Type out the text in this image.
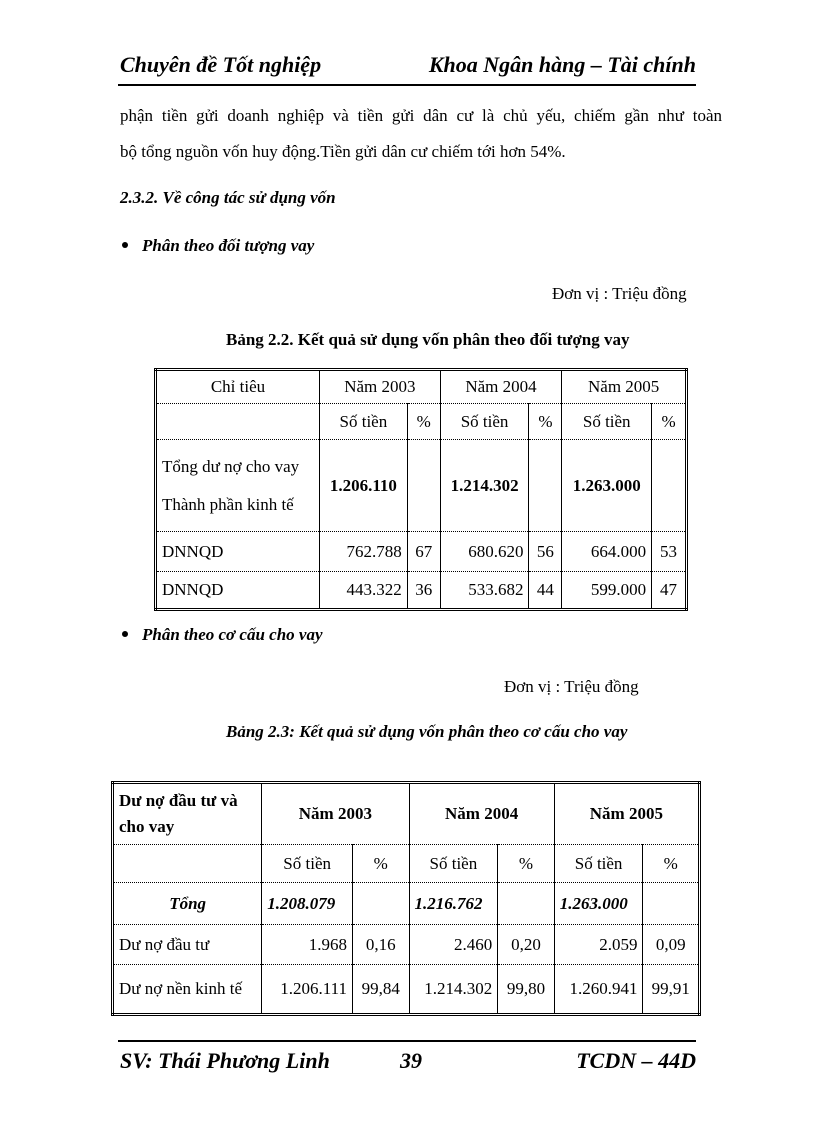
Chuyên đề Tốt nghiệp	Khoa Ngân hàng – Tài chính
phận tiền gửi doanh nghiệp và tiền gửi dân cư là chủ yếu, chiếm gần như toàn
bộ tổng nguồn vốn huy động.Tiền gửi dân cư chiếm tới hơn 54%.
2.3.2. Về công tác sử dụng vốn
Phân theo đối tượng vay
Đơn vị : Triệu đồng
Bảng 2.2. Kết quả sử dụng vốn phân theo đối tượng vay
Chỉ tiêu	Năm 2003		Năm 2004		Năm 2005	
	Số tiền	%	Số tiền	%	Số tiền	%

Tổng dư nợ cho vay
Thành phần kinh tế	1.206.110		1.214.302		1.263.000	
DNNQD	762.788	67	680.620	56	664.000	53
DNNQD	443.322	36	533.682	44	599.000	47
Phân theo cơ cấu cho vay
Đơn vị : Triệu đồng
Bảng 2.3: Kết quả sử dụng vốn phân theo cơ cấu cho vay
Dư nợ đầu tư và
cho vay	Năm 2003		Năm 2004		Năm 2005	
	Số tiền	%	Số tiền	%	Số tiền	%
Tổng	1.208.079		1.216.762		1.263.000	
Dư nợ đầu tư	1.968	0,16	2.460	0,20	2.059	0,09
Dư nợ nền kinh tế	1.206.111	99,84	1.214.302	99,80	1.260.941	99,91
SV: Thái Phương Linh	39	TCDN – 44D
